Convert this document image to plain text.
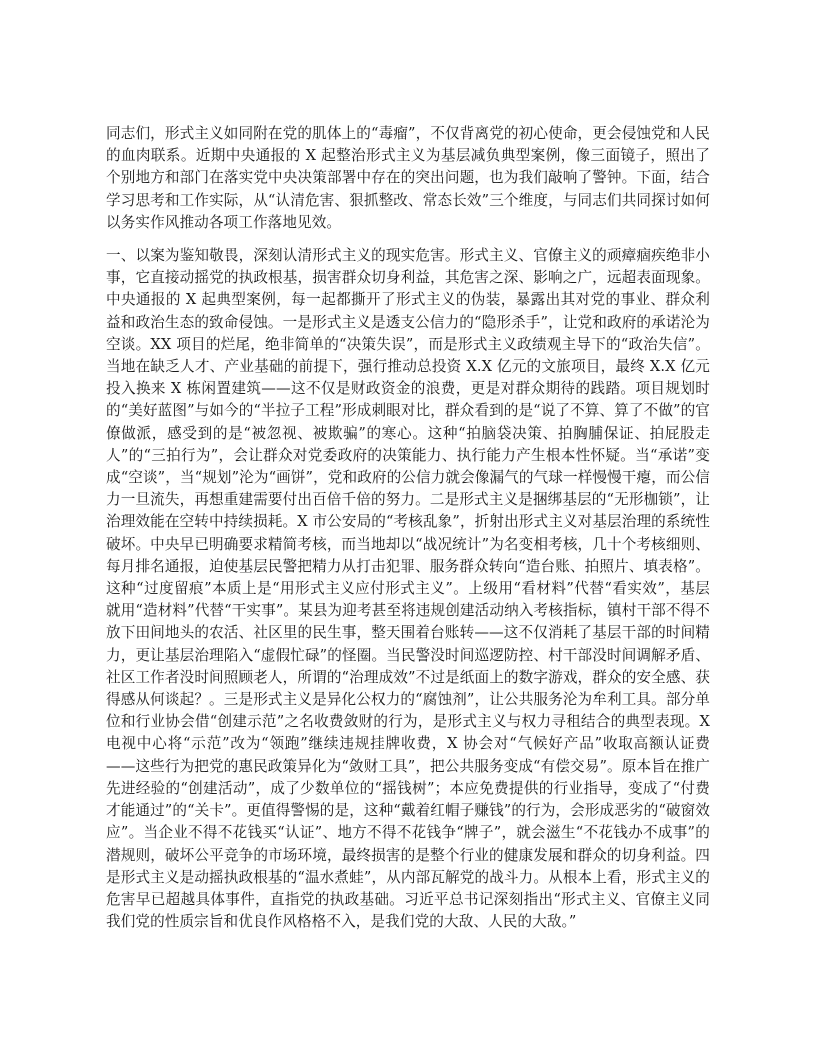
同志们，形式主义如同附在党的肌体上的“毒瘤”，不仅背离党的初心使命，更会侵蚀党和人民的血肉联系。近期中央通报的 X 起整治形式主义为基层减负典型案例，像三面镜子，照出了个别地方和部门在落实党中央决策部署中存在的突出问题，也为我们敲响了警钟。下面，结合学习思考和工作实际，从“认清危害、狠抓整改、常态长效”三个维度，与同志们共同探讨如何以务实作风推动各项工作落地见效。

一、以案为鉴知敬畏，深刻认清形式主义的现实危害。形式主义、官僚主义的顽瘴痼疾绝非小事，它直接动摇党的执政根基，损害群众切身利益，其危害之深、影响之广，远超表面现象。中央通报的 X 起典型案例，每一起都撕开了形式主义的伪装，暴露出其对党的事业、群众利益和政治生态的致命侵蚀。一是形式主义是透支公信力的“隐形杀手”，让党和政府的承诺沦为空谈。XX 项目的烂尾，绝非简单的“决策失误”，而是形式主义政绩观主导下的“政治失信”。当地在缺乏人才、产业基础的前提下，强行推动总投资 X.X 亿元的文旅项目，最终 X.X 亿元投入换来 X 栋闲置建筑——这不仅是财政资金的浪费，更是对群众期待的践踏。项目规划时的“美好蓝图”与如今的“半拉子工程”形成刺眼对比，群众看到的是“说了不算、算了不做”的官僚做派，感受到的是“被忽视、被欺骗”的寒心。这种“拍脑袋决策、拍胸脯保证、拍屁股走人”的“三拍行为”，会让群众对党委政府的决策能力、执行能力产生根本性怀疑。当“承诺”变成“空谈”，当“规划”沦为“画饼”，党和政府的公信力就会像漏气的气球一样慢慢干瘪，而公信力一旦流失，再想重建需要付出百倍千倍的努力。二是形式主义是捆绑基层的“无形枷锁”，让治理效能在空转中持续损耗。X 市公安局的“考核乱象”，折射出形式主义对基层治理的系统性破坏。中央早已明确要求精简考核，而当地却以“战况统计”为名变相考核，几十个考核细则、每月排名通报，迫使基层民警把精力从打击犯罪、服务群众转向“造台账、拍照片、填表格”。这种“过度留痕”本质上是“用形式主义应付形式主义”。上级用“看材料”代替“看实效”，基层就用“造材料”代替“干实事”。某县为迎考甚至将违规创建活动纳入考核指标，镇村干部不得不放下田间地头的农活、社区里的民生事，整天围着台账转——这不仅消耗了基层干部的时间精力，更让基层治理陷入“虚假忙碌”的怪圈。当民警没时间巡逻防控、村干部没时间调解矛盾、社区工作者没时间照顾老人，所谓的“治理成效”不过是纸面上的数字游戏，群众的安全感、获得感从何谈起？。三是形式主义是异化公权力的“腐蚀剂”，让公共服务沦为牟利工具。部分单位和行业协会借“创建示范”之名收费敛财的行为，是形式主义与权力寻租结合的典型表现。X 电视中心将“示范”改为“领跑”继续违规挂牌收费，X 协会对“气候好产品”收取高额认证费——这些行为把党的惠民政策异化为“敛财工具”，把公共服务变成“有偿交易”。原本旨在推广先进经验的“创建活动”，成了少数单位的“摇钱树”；本应免费提供的行业指导，变成了“付费才能通过”的“关卡”。更值得警惕的是，这种“戴着红帽子赚钱”的行为，会形成恶劣的“破窗效应”。当企业不得不花钱买“认证”、地方不得不花钱争“牌子”，就会滋生“不花钱办不成事”的潜规则，破坏公平竞争的市场环境，最终损害的是整个行业的健康发展和群众的切身利益。四是形式主义是动摇执政根基的“温水煮蛙”，从内部瓦解党的战斗力。从根本上看，形式主义的危害早已超越具体事件，直指党的执政基础。习近平总书记深刻指出“形式主义、官僚主义同我们党的性质宗旨和优良作风格格不入，是我们党的大敌、人民的大敌。”
